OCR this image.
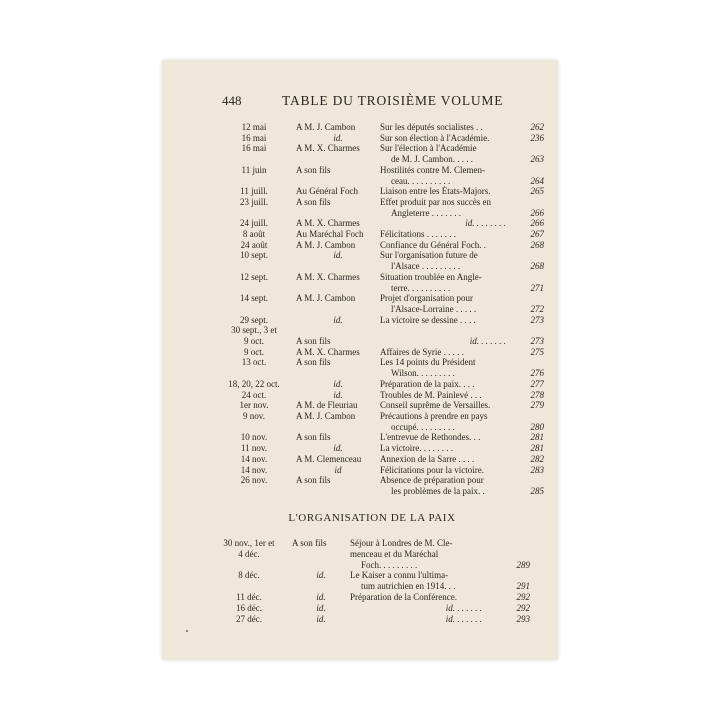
448	TABLE DU TROISIÈME VOLUME
12 mai	A M. J. Cambon	Sur les députés socialistes . .	262
16 mai	id.	Sur son élection à l'Académie.	236
16 mai	A M. X. Charmes	Sur l'élection à l'Académie
de M. J. Cambon. . . . .	263
11 juin	A son fils	Hostilités contre M. Clemen-
ceau. . . . . . . . . .	264
11 juill.	Au Général Foch	Liaison entre les États-Majors.	265
23 juill.	A son fils	Effet produit par nos succès en
Angleterre . . . . . . .	266
24 juill.	A M. X. Charmes	id. . . . . . . .	266
8 août	Au Maréchal Foch	Félicitations . . . . . . .	267
24 août	A M. J. Cambon	Confiance du Général Foch. .	268
10 sept.	id.	Sur l'organisation future de
l'Alsace . . . . . . . . .	268
12 sept.	A M. X. Charmes	Situation troublée en Angle-
terre. . . . . . . . . .	271
14 sept.	A M. J. Cambon	Projet d'organisation pour
l'Alsace-Lorraine . . . . .	272
29 sept.	id.	La victoire se dessine . . . .	273
30 sept., 3 et
9 oct.	A son fils	id. . . . . . .	273
9 oct.	A M. X. Charmes	Affaires de Syrie . . . . .	275
13 oct.	A son fils	Les 14 points du Président
Wilson. . . . . . . . .	276
18, 20, 22 oct.	id.	Préparation de la paix. . . .	277
24 oct.	id.	Troubles de M. Painlevé . . .	278
1er nov.	A M. de Fleuriau	Conseil suprême de Versailles.	279
9 nov.	A M. J. Cambon	Précautions à prendre en pays
occupé. . . . . . . . .	280
10 nov.	A son fils	L'entrevue de Rethondes. . .	281
11 nov.	id.	La victoire. . . . . . . .	281
14 nov.	A M. Clemenceau	Annexion de la Sarre . . . .	282
14 nov.	id	Félicitations pour la victoire.	283
26 nov.	A son fils	Absence de préparation pour
les problèmes de la paix. .	285
L'ORGANISATION DE LA PAIX
30 nov., 1er et	A son fils	Séjour à Londres de M. Cle-
4 déc.	menceau et du Maréchal
Foch. . . . . . . . .	289
8 déc.	id.	Le Kaiser a connu l'ultima-
tum autrichien en 1914. . .	291
11 déc.	id.	Préparation de la Conférence.	292
16 déc.	id.	id. . . . . . .	292
27 déc.	id.	id. . . . . . .	293
